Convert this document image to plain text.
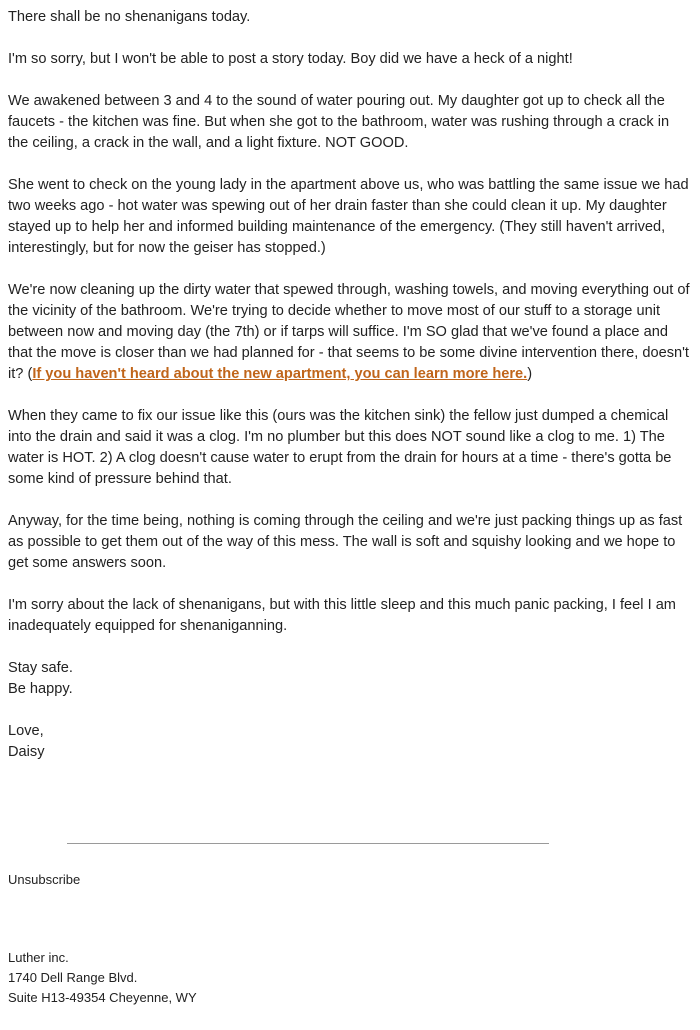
There shall be no shenanigans today.

I'm so sorry, but I won't be able to post a story today. Boy did we have a heck of a night!

We awakened between 3 and 4 to the sound of water pouring out. My daughter got up to check all the faucets - the kitchen was fine. But when she got to the bathroom, water was rushing through a crack in the ceiling, a crack in the wall, and a light fixture. NOT GOOD.

She went to check on the young lady in the apartment above us, who was battling the same issue we had two weeks ago - hot water was spewing out of her drain faster than she could clean it up. My daughter stayed up to help her and informed building maintenance of the emergency. (They still haven't arrived, interestingly, but for now the geiser has stopped.)

We're now cleaning up the dirty water that spewed through, washing towels, and moving everything out of the vicinity of the bathroom. We're trying to decide whether to move most of our stuff to a storage unit between now and moving day (the 7th) or if tarps will suffice. I'm SO glad that we've found a place and that the move is closer than we had planned for - that seems to be some divine intervention there, doesn't it? (If you haven't heard about the new apartment, you can learn more here.)

When they came to fix our issue like this (ours was the kitchen sink) the fellow just dumped a chemical into the drain and said it was a clog. I'm no plumber but this does NOT sound like a clog to me. 1) The water is HOT. 2) A clog doesn't cause water to erupt from the drain for hours at a time - there's gotta be some kind of pressure behind that.

Anyway, for the time being, nothing is coming through the ceiling and we're just packing things up as fast as possible to get them out of the way of this mess. The wall is soft and squishy looking and we hope to get some answers soon.

I'm sorry about the lack of shenanigans, but with this little sleep and this much panic packing, I feel I am inadequately equipped for shenaniganning.

Stay safe.
Be happy.

Love,
Daisy

Unsubscribe
Luther inc.
1740 Dell Range Blvd.
Suite H13-49354 Cheyenne, WY
